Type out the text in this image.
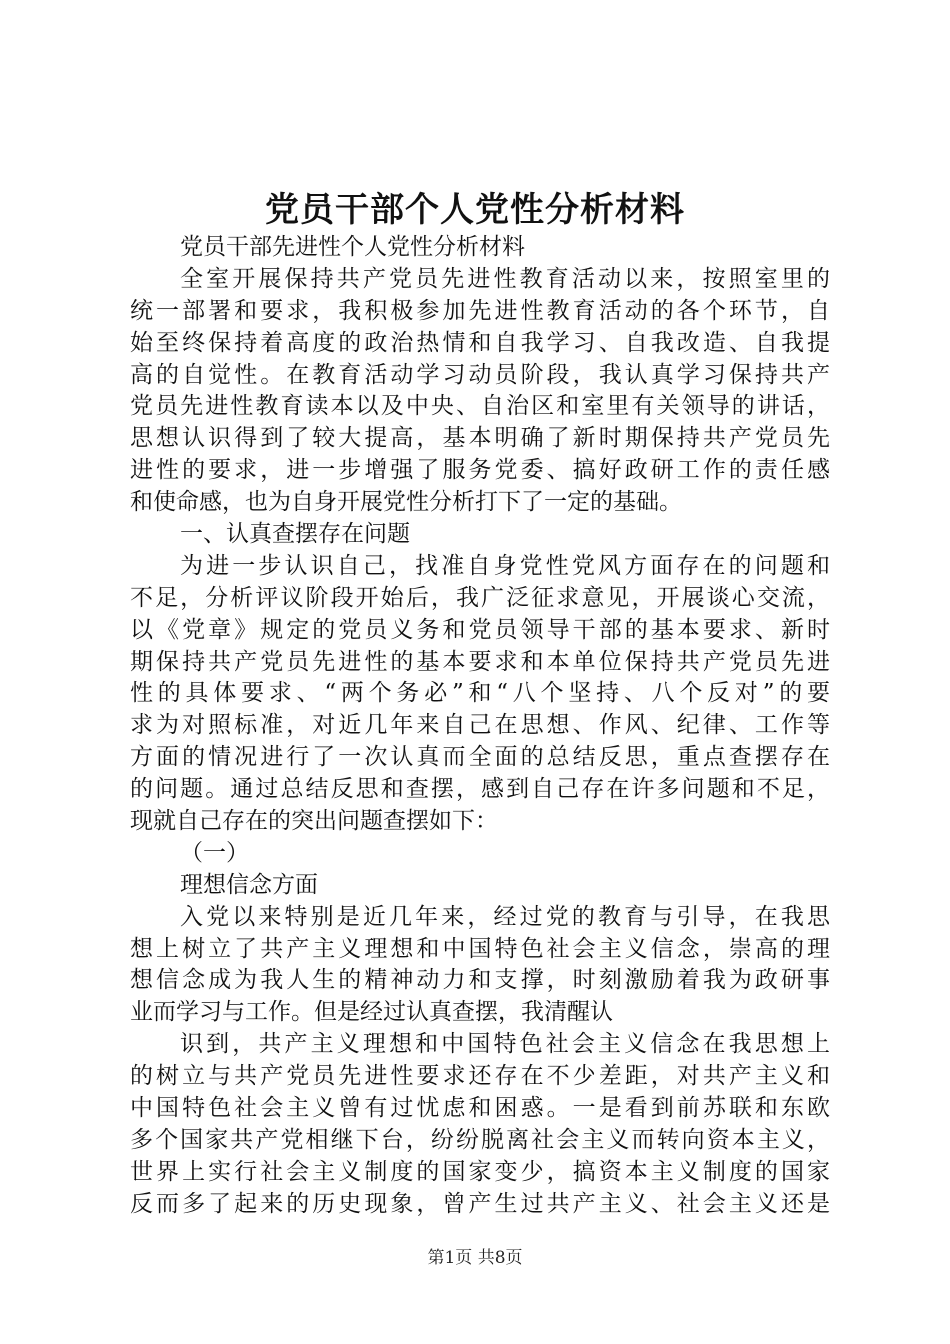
党员干部个人党性分析材料
党员干部先进性个人党性分析材料
全室开展保持共产党员先进性教育活动以来，按照室里的
统一部署和要求，我积极参加先进性教育活动的各个环节，自
始至终保持着高度的政治热情和自我学习、自我改造、自我提
高的自觉性。在教育活动学习动员阶段，我认真学习保持共产
党员先进性教育读本以及中央、自治区和室里有关领导的讲话，
思想认识得到了较大提高，基本明确了新时期保持共产党员先
进性的要求，进一步增强了服务党委、搞好政研工作的责任感
和使命感，也为自身开展党性分析打下了一定的基础。
一、认真查摆存在问题
为进一步认识自己，找准自身党性党风方面存在的问题和
不足，分析评议阶段开始后，我广泛征求意见，开展谈心交流，
以《党章》规定的党员义务和党员领导干部的基本要求、新时
期保持共产党员先进性的基本要求和本单位保持共产党员先进
性的具体要求、“两个务必”和“八个坚持、八个反对”的要
求为对照标准，对近几年来自己在思想、作风、纪律、工作等
方面的情况进行了一次认真而全面的总结反思，重点查摆存在
的问题。通过总结反思和查摆，感到自己存在许多问题和不足，
现就自己存在的突出问题查摆如下：
（一）
理想信念方面
入党以来特别是近几年来，经过党的教育与引导，在我思
想上树立了共产主义理想和中国特色社会主义信念，崇高的理
想信念成为我人生的精神动力和支撑，时刻激励着我为政研事
业而学习与工作。但是经过认真查摆，我清醒认
识到，共产主义理想和中国特色社会主义信念在我思想上
的树立与共产党员先进性要求还存在不少差距，对共产主义和
中国特色社会主义曾有过忧虑和困惑。一是看到前苏联和东欧
多个国家共产党相继下台，纷纷脱离社会主义而转向资本主义，
世界上实行社会主义制度的国家变少，搞资本主义制度的国家
反而多了起来的历史现象，曾产生过共产主义、社会主义还是
第1页 共8页
